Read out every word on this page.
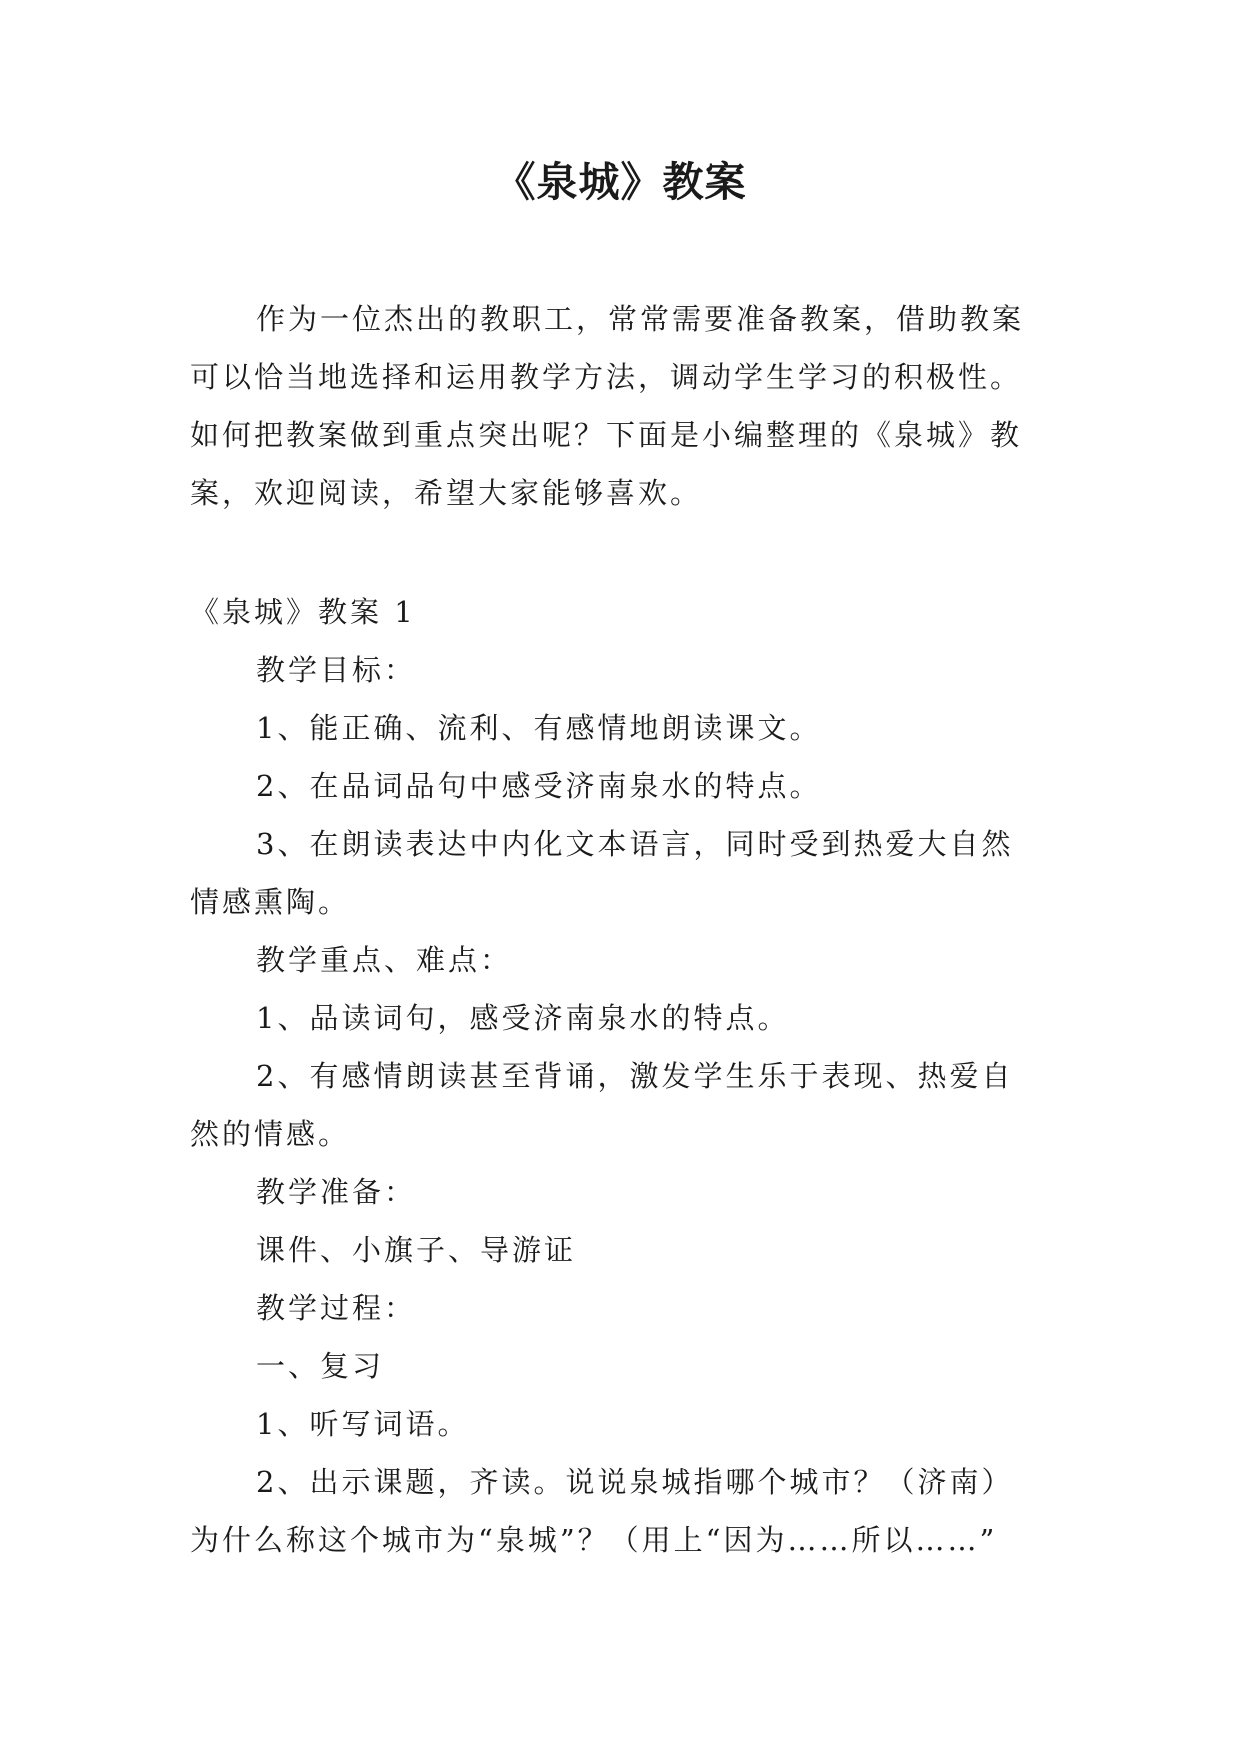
《泉城》教案
作为一位杰出的教职工，常常需要准备教案，借助教案
可以恰当地选择和运用教学方法，调动学生学习的积极性。
如何把教案做到重点突出呢？下面是小编整理的《泉城》教
案，欢迎阅读，希望大家能够喜欢。
《泉城》教案 1
教学目标：
1、能正确、流利、有感情地朗读课文。
2、在品词品句中感受济南泉水的特点。
3、在朗读表达中内化文本语言，同时受到热爱大自然
情感熏陶。
教学重点、难点：
1、品读词句，感受济南泉水的特点。
2、有感情朗读甚至背诵，激发学生乐于表现、热爱自
然的情感。
教学准备：
课件、小旗子、导游证
教学过程：
一、复习
1、听写词语。
2、出示课题，齐读。说说泉城指哪个城市？（济南）
为什么称这个城市为“泉城”？（用上“因为……所以……”
